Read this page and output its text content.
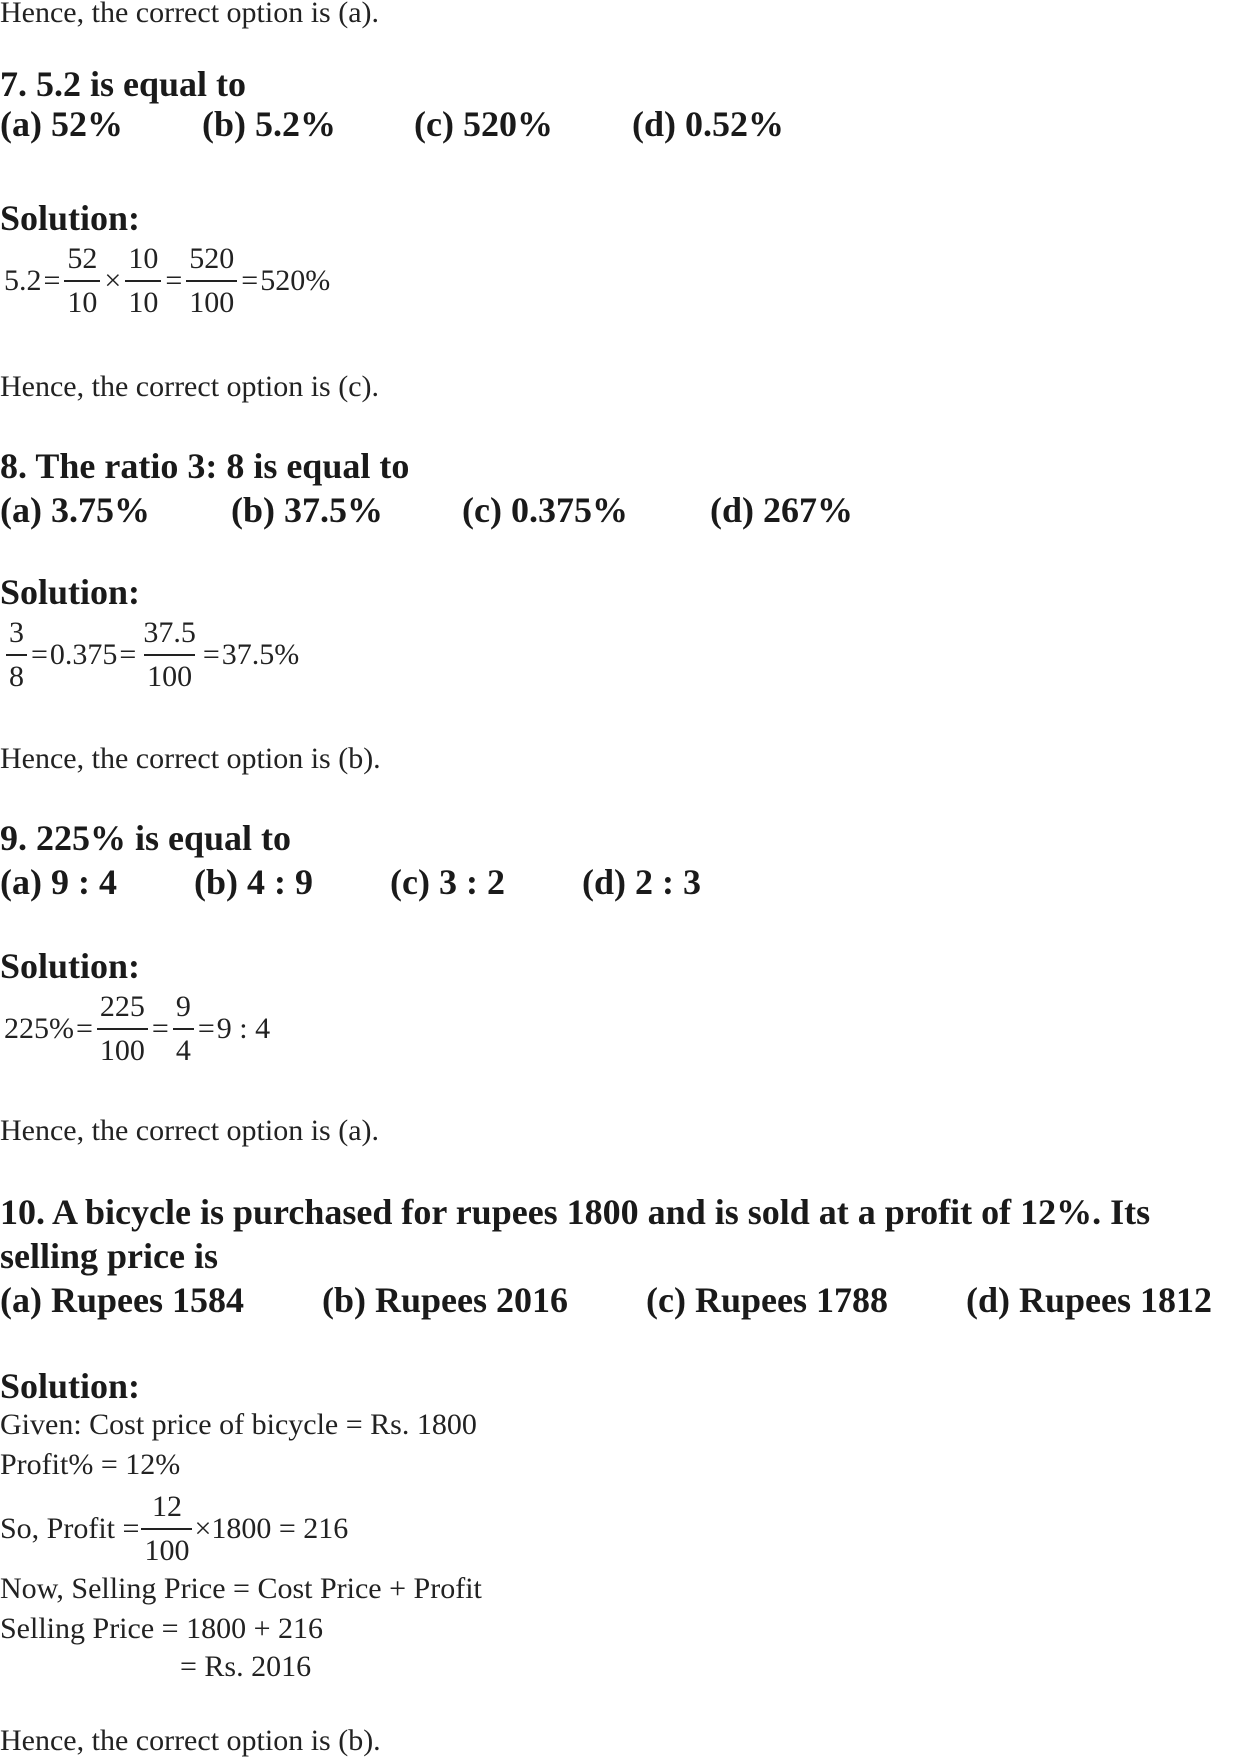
Hence, the correct option is (a).
7. 5.2 is equal to
(a) 52% (b) 5.2% (c) 520% (d) 0.52%
Solution:
$5.2 = \frac{52}{10} \times \frac{10}{10} = \frac{520}{100} = 520\%$
Hence, the correct option is (c).
8. The ratio 3: 8 is equal to
(a) 3.75% (b) 37.5% (c) 0.375% (d) 267%
Solution:
$\frac{3}{8} = 0.375 = \frac{37.5}{100} = 37.5\%$
Hence, the correct option is (b).
9. 225% is equal to
(a) 9 : 4 (b) 4 : 9 (c) 3 : 2 (d) 2 : 3
Solution:
$225\% = \frac{225}{100} = \frac{9}{4} = 9$ : 4
Hence, the correct option is (a).
10. A bicycle is purchased for rupees 1800 and is sold at a profit of 12%. Its
selling price is
(a) Rupees 1584 (b) Rupees 2016 (c) Rupees 1788 (d) Rupees 1812
Solution:
Given: Cost price of bicycle = Rs. 1800
Profit% = 12%
So, Profit = $\frac{12}{100} \times 1800 = 216$
Now, Selling Price = Cost Price + Profit
Selling Price = 1800 + 216
= Rs. 2016
Hence, the correct option is (b).
